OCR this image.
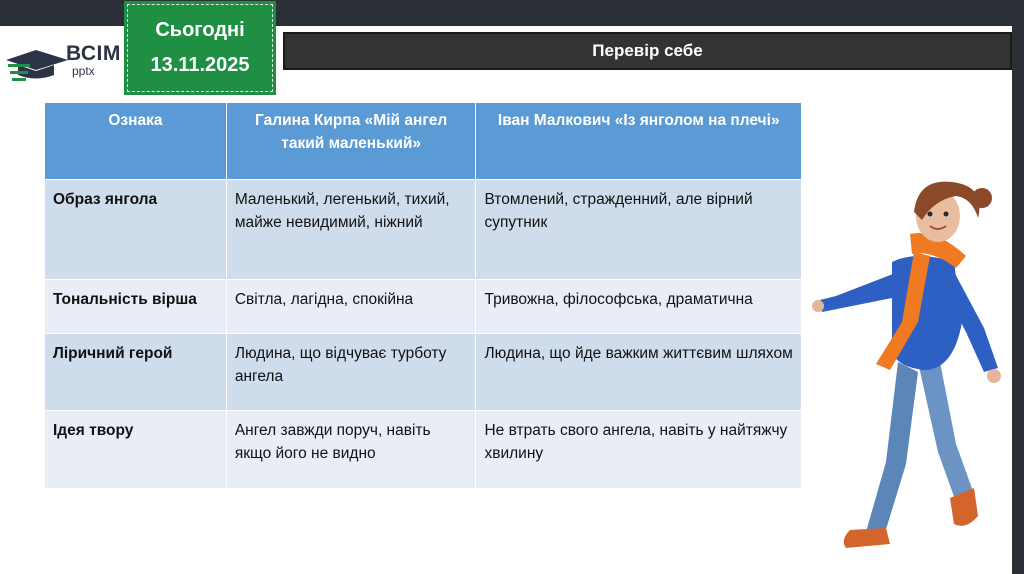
ВСІМ
pptx
Сьогодні
13.11.2025
Перевір себе
Ознака	Галина Кирпа «Мій ангел такий маленький»	Іван Малкович «Із янголом на плечі»
Образ янгола	Маленький, легенький, тихий, майже невидимий, ніжний	Втомлений, стражденний, але вірний супутник
Тональність вірша	Світла, лагідна, спокійна	Тривожна, філософська, драматична
Ліричний герой	Людина, що відчуває турботу ангела	Людина, що йде важким життєвим шляхом
Ідея твору	Ангел завжди поруч, навіть якщо його не видно	Не втрать свого ангела, навіть у найтяжчу хвилину
